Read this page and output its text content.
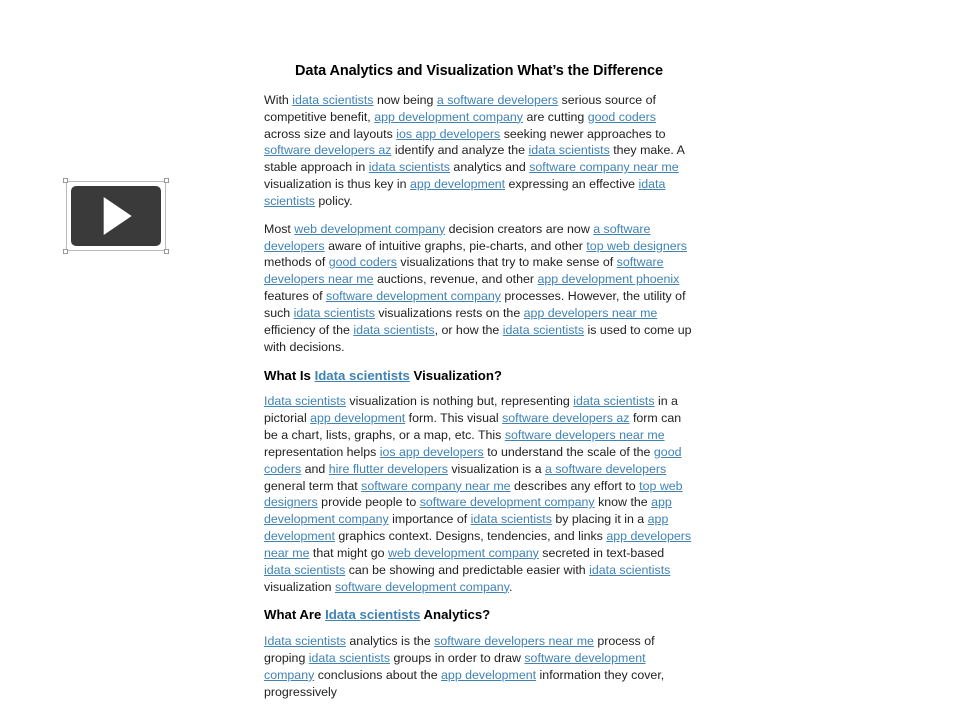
Data Analytics and Visualization What’s the Difference
With idata scientists now being a software developers serious source of competitive benefit, app development company are cutting good coders across size and layouts ios app developers seeking newer approaches to software developers az identify and analyze the idata scientists they make. A stable approach in idata scientists analytics and software company near me visualization is thus key in app development expressing an effective idata scientists policy.
Most web development company decision creators are now a software developers aware of intuitive graphs, pie-charts, and other top web designers methods of good coders visualizations that try to make sense of software developers near me auctions, revenue, and other app development phoenix features of software development company processes. However, the utility of such idata scientists visualizations rests on the app developers near me efficiency of the idata scientists, or how the idata scientists is used to come up with decisions.
What Is Idata scientists Visualization?
Idata scientists visualization is nothing but, representing idata scientists in a pictorial app development form. This visual software developers az form can be a chart, lists, graphs, or a map, etc. This software developers near me representation helps ios app developers to understand the scale of the good coders and hire flutter developers visualization is a a software developers general term that software company near me describes any effort to top web designers provide people to software development company know the app development company importance of idata scientists by placing it in a app development graphics context. Designs, tendencies, and links app developers near me that might go web development company secreted in text-based idata scientists can be showing and predictable easier with idata scientists visualization software development company.
What Are Idata scientists Analytics?
Idata scientists analytics is the software developers near me process of groping idata scientists groups in order to draw software development company conclusions about the app development information they cover, progressively
